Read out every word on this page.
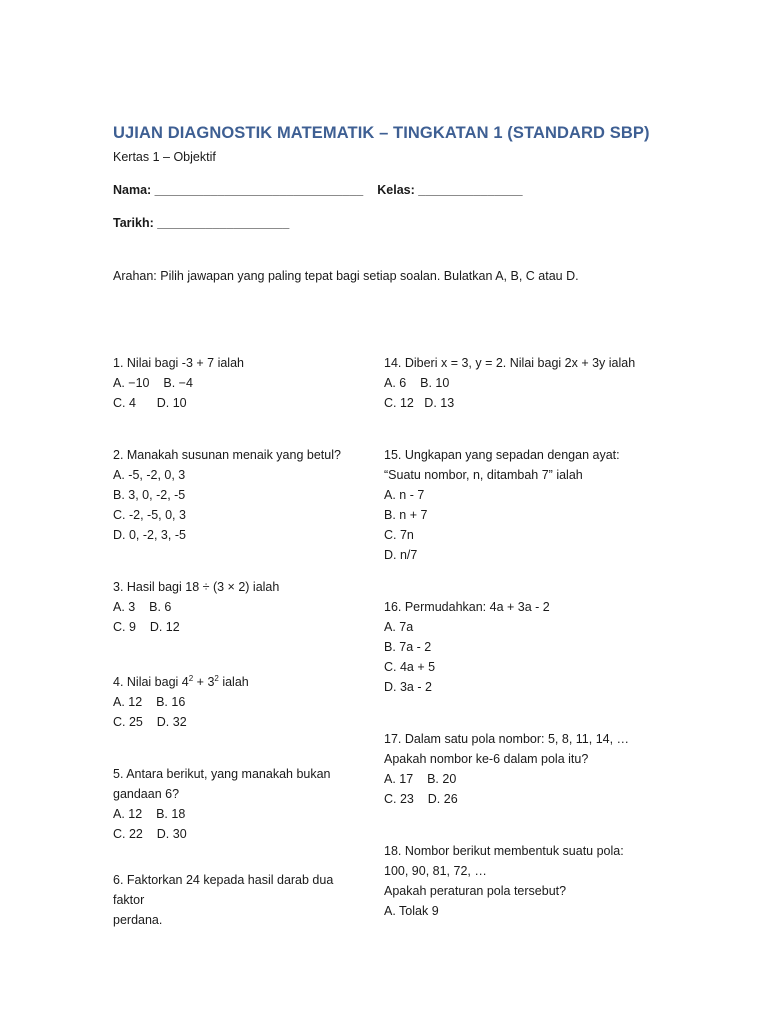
UJIAN DIAGNOSTIK MATEMATIK – TINGKATAN 1 (STANDARD SBP)
Kertas 1 – Objektif
Nama: ______________________________ Kelas: _______________
Tarikh: ___________________
Arahan: Pilih jawapan yang paling tepat bagi setiap soalan. Bulatkan A, B, C atau D.

1. Nilai bagi -3 + 7 ialah

A. −10    B. −4

C. 4      D. 10

2. Manakah susunan menaik yang betul?

A. -5, -2, 0, 3

B. 3, 0, -2, -5

C. -2, -5, 0, 3

D. 0, -2, 3, -5

3. Hasil bagi 18 ÷ (3 × 2) ialah

A. 3    B. 6

C. 9    D. 12

4. Nilai bagi $4^2 + 3^2$ ialah

A. 12    B. 16

C. 25    D. 32

5. Antara berikut, yang manakah bukan

gandaan 6?

A. 12    B. 18

C. 22    D. 30

6. Faktorkan 24 kepada hasil darab dua faktor

perdana.

14. Diberi x = 3, y = 2. Nilai bagi 2x + 3y ialah

A. 6    B. 10

C. 12   D. 13

15. Ungkapan yang sepadan dengan ayat:

“Suatu nombor, n, ditambah 7” ialah

A. n - 7

B. n + 7

C. 7n

D. n/7

16. Permudahkan: 4a + 3a - 2

A. 7a

B. 7a - 2

C. 4a + 5

D. 3a - 2

17. Dalam satu pola nombor: 5, 8, 11, 14, …

Apakah nombor ke-6 dalam pola itu?

A. 17    B. 20

C. 23    D. 26

18. Nombor berikut membentuk suatu pola:

100, 90, 81, 72, …

Apakah peraturan pola tersebut?

A. Tolak 9
